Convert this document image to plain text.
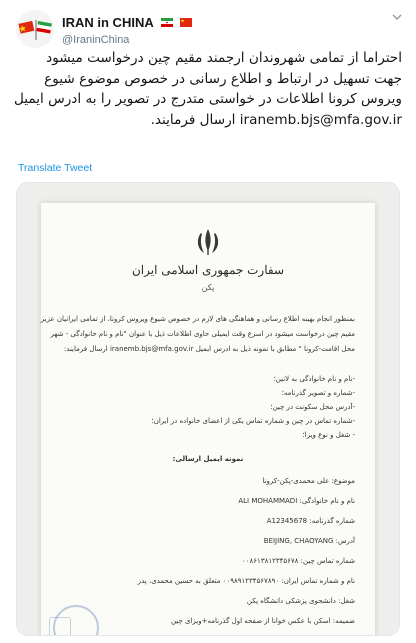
IRAN in CHINA
@IraninChina
احتراما از تمامی شهروندان ارجمند مقیم چین درخواست میشود جهت تسهیل در ارتباط و اطلاع رسانی در خصوص موضوع شیوع ویروس کرونا اطلاعات در خواستی متدرج در تصویر را به ادرس ایمیل iranemb.bjs@mfa.gov.ir ارسال فرمایند.
Translate Tweet
سفارت جمهوری اسلامی ایران
پکن
بمنظور انجام بهینه اطلاع رسانی و هماهنگی های لازم در خصوص شیوع ویروس کرونا، از تمامی ایرانیان عزیز
مقیم چین درخواست میشود در اسرع وقت ایمیلی حاوی اطلاعات ذیل با عنوان "نام و نام خانوادگی - شهر
محل اقامت-کرونا " مطابق با نمونه ذیل به ادرس ایمیل iranemb.bjs@mfa.gov.ir ارسال فرمایند:
-نام و نام خانوادگی به لاتین؛
-شماره و تصویر گذرنامه؛
-آدرس محل سکونت در چین؛
-شماره تماس در چین و شماره تماس یکی از اعضای خانواده در ایران؛
- شغل و نوع ویزا؛
نمونه ایمیل ارسالی:
موضوع: علی محمدی-پکن-کرونا
نام و نام خانوادگی: ALI MOHAMMADI
شماره گذرنامه: A12345678
آدرس: BEIJING, CHAOYANG
شماره تماس چین: ۰۰۸۶۱۳۸۱۲۳۴۵۶۷۸
نام و شماره تماس ایران: ۰۰۹۸۹۱۲۳۴۵۶۷۸۹۰ متعلق به حسین محمدی، پدر
شغل: دانشجوی پزشکی دانشگاه پکن
ضمیمه: اسکن با عکس خوانا از صفحه اول گذرنامه+ویزای چین
